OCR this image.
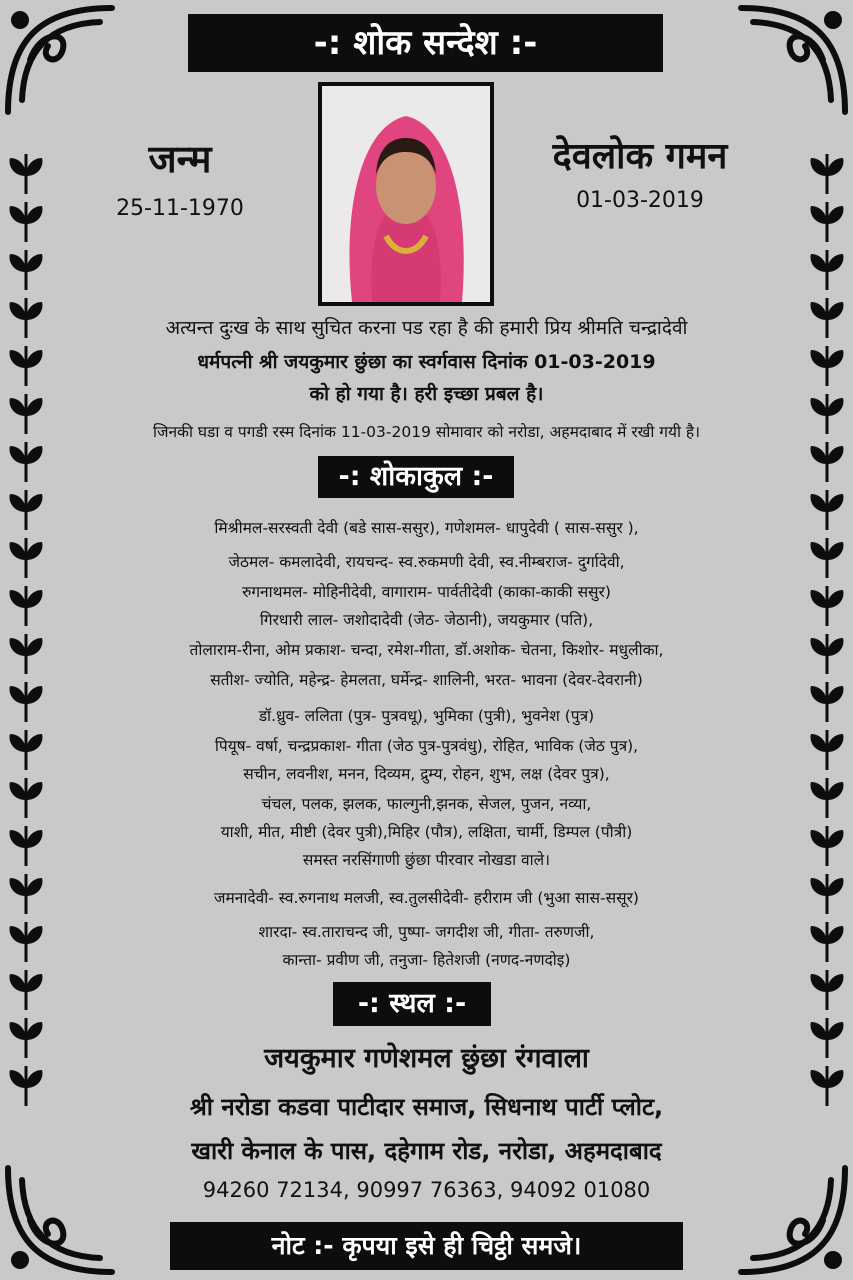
-: शोक सन्देश :-
जन्म
25-11-1970
देवलोक गमन
01-03-2019
अत्यन्त दुःख के साथ सुचित करना पड रहा है की हमारी प्रिय श्रीमति चन्द्रादेवी
धर्मपत्नी श्री जयकुमार छुंछा का स्वर्गवास दिनांक 01-03-2019
को हो गया है। हरी इच्छा प्रबल है।
जिनकी घडा व पगडी रस्म दिनांक 11-03-2019 सोमावार को नरोडा, अहमदाबाद में रखी गयी है।
-: शोकाकुल :-
मिश्रीमल-सरस्वती देवी (बडे सास-ससुर), गणेशमल- धापुदेवी ( सास-ससुर ),
जेठमल- कमलादेवी, रायचन्द- स्व.रुकमणी देवी, स्व.नीम्बराज- दुर्गादेवी,
रुगनाथमल- मोहिनीदेवी, वागाराम- पार्वतीदेवी (काका-काकी ससुर)
गिरधारी लाल- जशोदादेवी (जेठ- जेठानी), जयकुमार (पति),
तोलाराम-रीना, ओम प्रकाश- चन्दा, रमेश-गीता, डॉ.अशोक- चेतना, किशोर- मधुलीका,
सतीश- ज्योति, महेन्द्र- हेमलता, घर्मेन्द्र- शालिनी, भरत- भावना (देवर-देवरानी)
डॉ.ध्रुव- ललिता (पुत्र- पुत्रवधू), भुमिका (पुत्री), भुवनेश (पुत्र)
पियूष- वर्षा, चन्द्रप्रकाश- गीता (जेठ पुत्र-पुत्रवंधु), रोहित, भाविक (जेठ पुत्र),
सचीन, लवनीश, मनन, दिव्यम, द्रुम्य, रोहन, शुभ, लक्ष (देवर पुत्र),
चंचल, पलक, झलक, फाल्गुनी,झनक, सेजल, पुजन, नव्या,
याशी, मीत, मीष्टी (देवर पुत्री),मिहिर (पौत्र), लक्षिता, चार्मी, डिम्पल (पौत्री)
समस्त नरसिंगाणी छुंछा पीरवार नोखडा वाले।
जमनादेवी- स्व.रुगनाथ मलजी, स्व.तुलसीदेवी- हरीराम जी (भुआ सास-ससूर)
शारदा- स्व.ताराचन्द जी, पुष्पा- जगदीश जी, गीता- तरुणजी,
कान्ता- प्रवीण जी, तनुजा- हितेशजी (नणद-नणदोइ)
-: स्थल :-
जयकुमार गणेशमल छुंछा रंगवाला
श्री नरोडा कडवा पाटीदार समाज, सिधनाथ पार्टी प्लोट,
खारी केनाल के पास, दहेगाम रोड, नरोडा, अहमदाबाद
94260 72134, 90997 76363, 94092 01080
नोट :- कृपया इसे ही चिट्ठी समजे।
